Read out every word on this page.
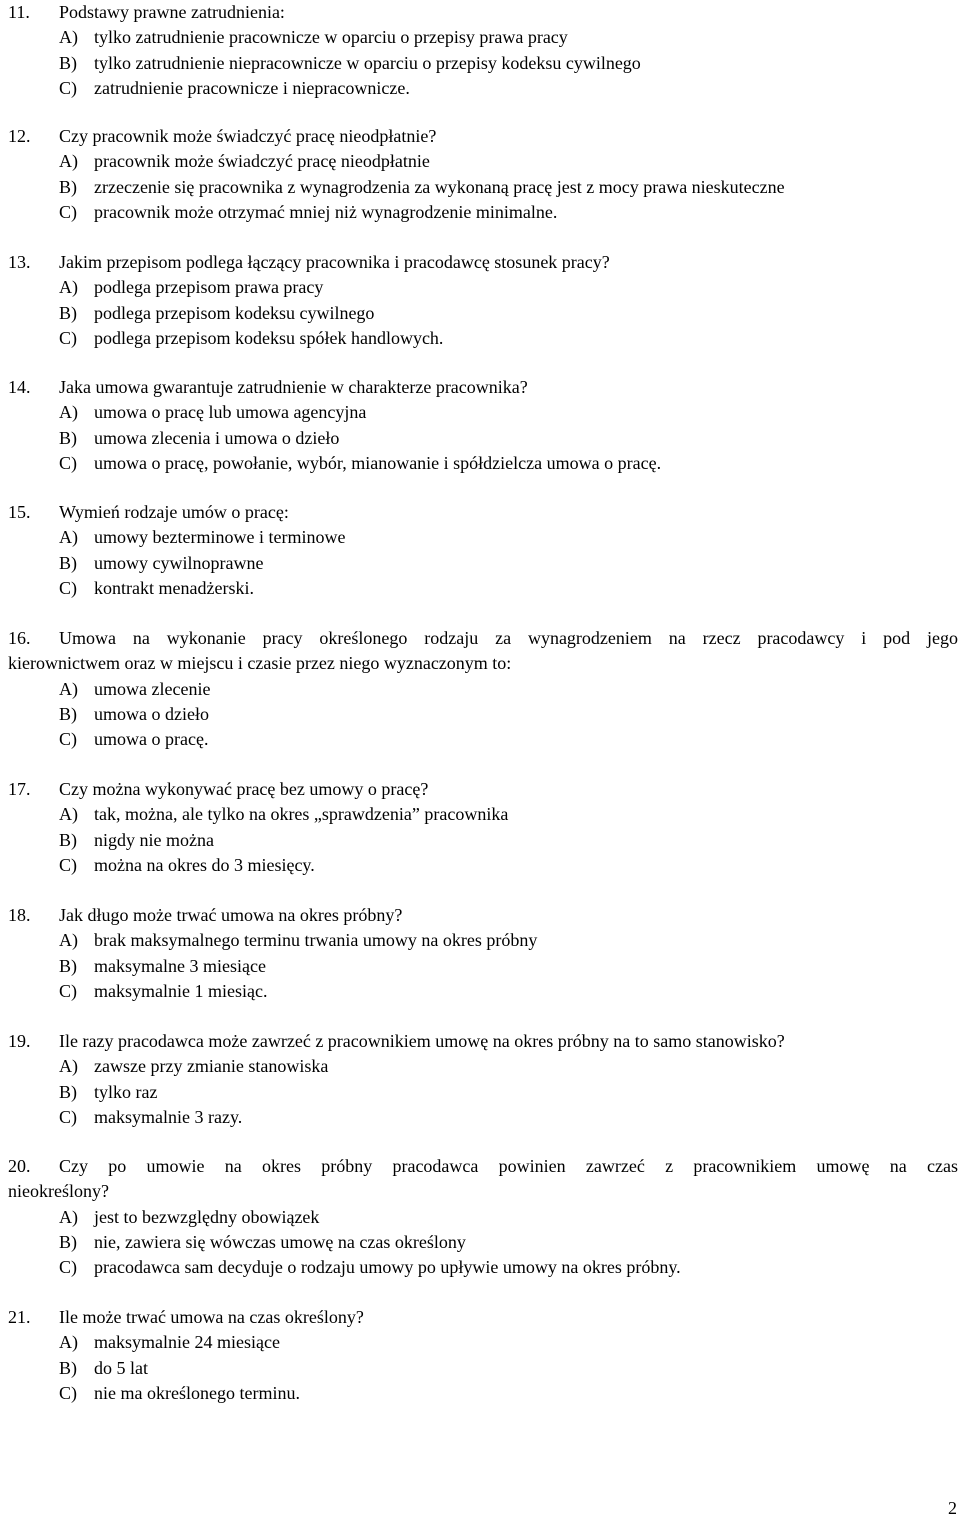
11. Podstawy prawne zatrudnienia:
A) tylko zatrudnienie pracownicze w oparciu o przepisy prawa pracy
B) tylko zatrudnienie niepracownicze w oparciu o przepisy kodeksu cywilnego
C) zatrudnienie pracownicze i niepracownicze.
12. Czy pracownik może świadczyć pracę nieodpłatnie?
A) pracownik może świadczyć pracę nieodpłatnie
B) zrzeczenie się pracownika z wynagrodzenia za wykonaną pracę jest z mocy prawa nieskuteczne
C) pracownik może otrzymać mniej niż wynagrodzenie minimalne.
13. Jakim przepisom podlega łączący pracownika i pracodawcę stosunek pracy?
A) podlega przepisom prawa pracy
B) podlega przepisom kodeksu cywilnego
C) podlega przepisom kodeksu spółek handlowych.
14. Jaka umowa gwarantuje zatrudnienie w charakterze pracownika?
A) umowa o pracę lub umowa agencyjna
B) umowa zlecenia i umowa o dzieło
C) umowa o pracę, powołanie, wybór, mianowanie i spółdzielcza umowa o pracę.
15. Wymień rodzaje umów o pracę:
A) umowy bezterminowe i terminowe
B) umowy cywilnoprawne
C) kontrakt menadżerski.
16. Umowa na wykonanie pracy określonego rodzaju za wynagrodzeniem na rzecz pracodawcy i pod jego
kierownictwem oraz w miejscu i czasie przez niego wyznaczonym to:
A) umowa zlecenie
B) umowa o dzieło
C) umowa o pracę.
17. Czy można wykonywać pracę bez umowy o pracę?
A) tak, można, ale tylko na okres „sprawdzenia” pracownika
B) nigdy nie można
C) można na okres do 3 miesięcy.
18. Jak długo może trwać umowa na okres próbny?
A) brak maksymalnego terminu trwania umowy na okres próbny
B) maksymalne 3 miesiące
C) maksymalnie 1 miesiąc.
19. Ile razy pracodawca może zawrzeć z pracownikiem umowę na okres próbny na to samo stanowisko?
A) zawsze przy zmianie stanowiska
B) tylko raz
C) maksymalnie 3 razy.
20. Czy po umowie na okres próbny pracodawca powinien zawrzeć z pracownikiem umowę na czas
nieokreślony?
A) jest to bezwzględny obowiązek
B) nie, zawiera się wówczas umowę na czas określony
C) pracodawca sam decyduje o rodzaju umowy po upływie umowy na okres próbny.
21. Ile może trwać umowa na czas określony?
A) maksymalnie 24 miesiące
B) do 5 lat
C) nie ma określonego terminu.
2
